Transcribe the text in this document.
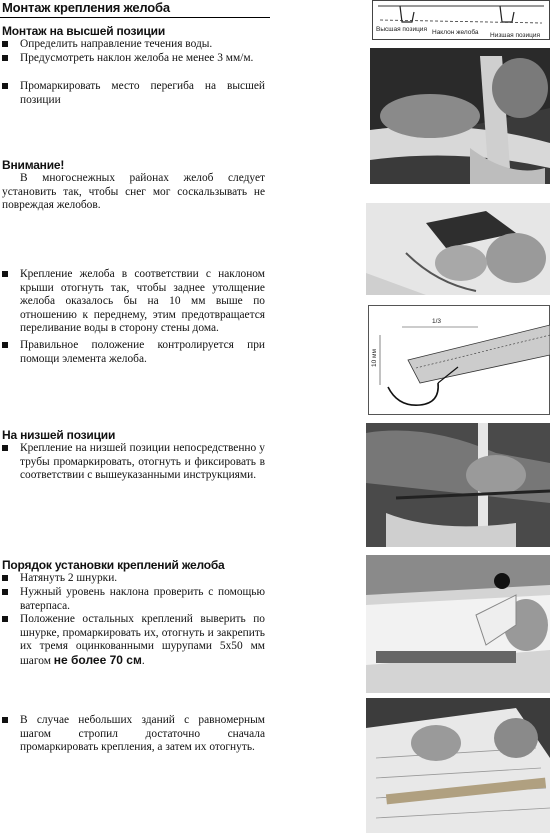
Монтаж крепления желоба
Монтаж на высшей позиции
Определить направление течения воды.
Предусмотреть наклон желоба не менее 3 мм/м.
Промаркировать место перегиба на высшей позиции
Внимание!
В многоснежных районах желоб следует установить так, чтобы снег мог соскальзывать не повреждая желобов.
Крепление желоба в соответствии с наклоном крыши отогнуть так, чтобы заднее утолщение желоба оказалось бы на 10 мм выше по отношению к переднему, этим предотвращается переливание воды в сторону стены дома.
Правильное положение контролируется при помощи элемента желоба.
На низшей позиции
Крепление на низшей позиции непосредственно у трубы промаркировать, отогнуть и фиксировать в соответствии с вышеуказанными инструкциями.
Порядок установки креплений желоба
Натянуть 2 шнурки.
Нужный уровень наклона проверить с помощью ватерпаса.
Положение остальных креплений выверить по шнурке, промаркировать их, отогнуть и закрепить их тремя оцинкованными шурупами 5х50 мм шагом не более 70 см.
В случае небольших зданий с равномерным шагом стропил достаточно сначала промаркировать крепления, а затем их отогнуть.
Высшая позиция Наклон желоба Низшая позиция
1/3
10 мм
